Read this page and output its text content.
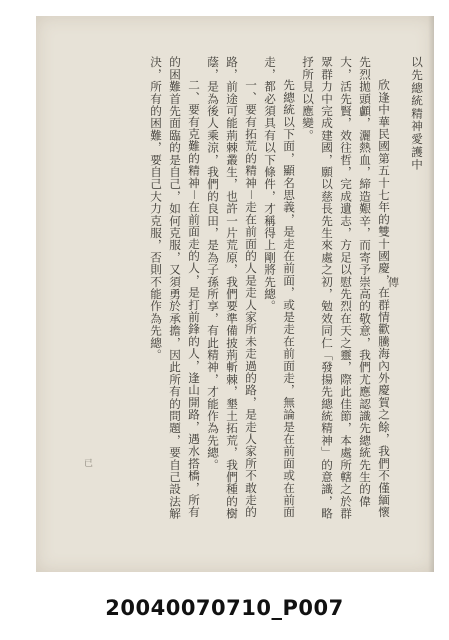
以先總統精神愛護中

欣逢中華民國第五十七年的雙十國慶，在群情歡騰海內外慶賀之餘，我們不僅緬懷先烈拋頭顱，灑熱血，締造艱辛，而寄予崇高的敬意，我們尤應認識先總統先生的偉大，活先賢，效往哲，完成遺志，方足以慰先烈在天之靈，際此佳節，本處所轄之於群眾群力中完成建國，願以慈長先生來處之初，勉效同仁「發揚先總統精神」的意識，略抒所見以應變。

先總統以下面，顯名思義，是走在前面，或是走在前面走，無論是在前面或在前面走，都必須具有以下條件，才稱得上剛將先總。

一、要有拓荒的精神－走在前面的人是走人家所未走過的路，是走人家所不敢走的路，前途可能荊棘叢生，也許一片荒原，我們要準備披荊斬棘，墾土拓荒，我們種的樹蔭，是為後人乘涼，我們的良田，是為子孫所享，有此精神，才能作為先總。

二、要有克難的精神－在前面走的人，是打前鋒的人，逢山開路，遇水搭橋，所有的困難首先面臨的是自己，如何克服，又須勇於承擔，因此所有的問題，要自己設法解決，所有的困難，要自己大力克服，否則不能作為先總。	傳
已
20040070710_P007
